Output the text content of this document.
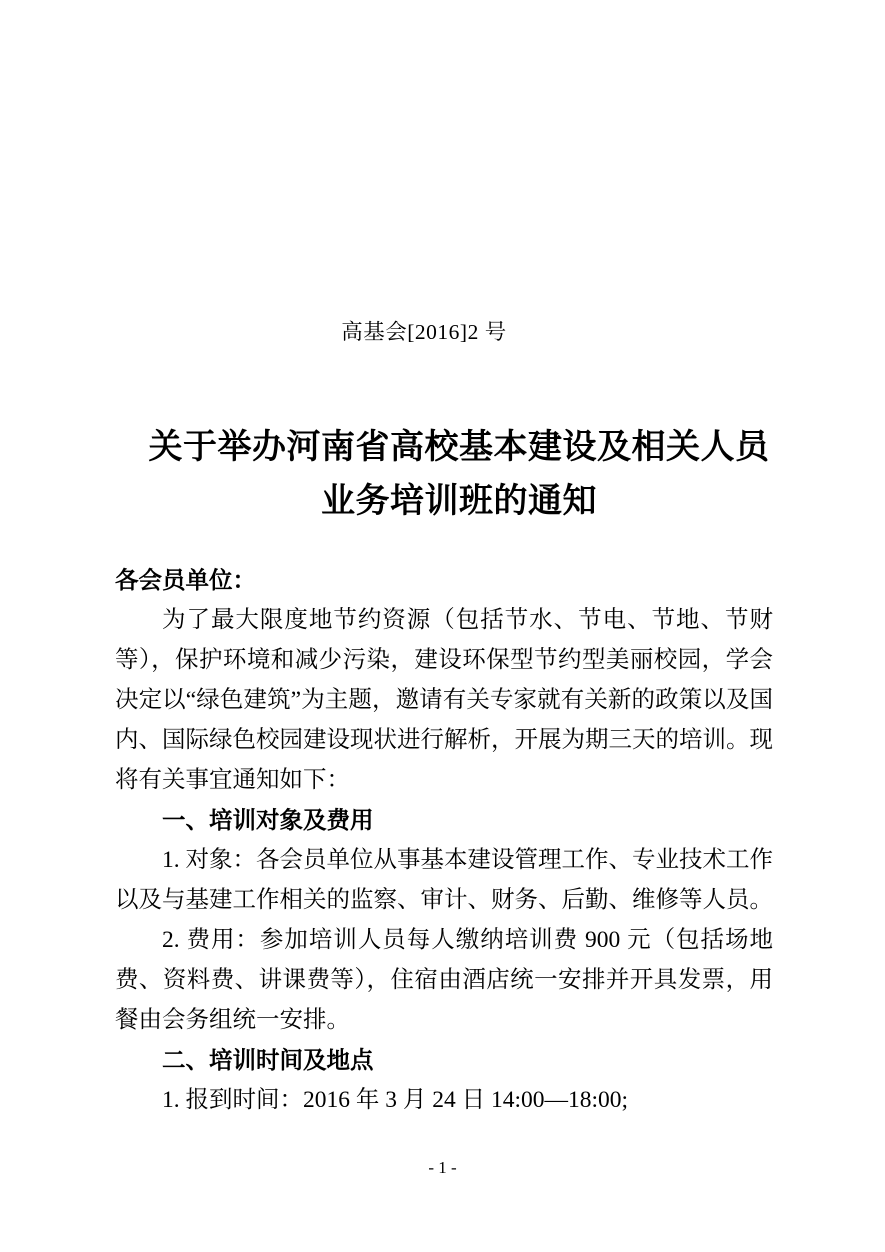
高基会[2016]2 号
关于举办河南省高校基本建设及相关人员
业务培训班的通知

各会员单位：

为了最大限度地节约资源（包括节水、节电、节地、节财等），保护环境和减少污染，建设环保型节约型美丽校园，学会决定以“绿色建筑”为主题，邀请有关专家就有关新的政策以及国内、国际绿色校园建设现状进行解析，开展为期三天的培训。现将有关事宜通知如下：

一、培训对象及费用

1. 对象：各会员单位从事基本建设管理工作、专业技术工作以及与基建工作相关的监察、审计、财务、后勤、维修等人员。

2. 费用：参加培训人员每人缴纳培训费 900 元（包括场地费、资料费、讲课费等），住宿由酒店统一安排并开具发票，用餐由会务组统一安排。

二、培训时间及地点

1. 报到时间：2016 年 3 月 24 日 14:00—18:00;

- 1 -
